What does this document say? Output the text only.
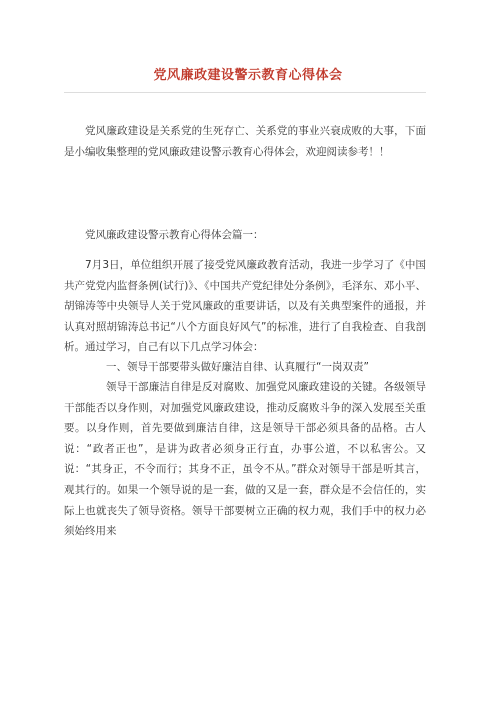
党风廉政建设警示教育心得体会

党风廉政建设是关系党的生死存亡、关系党的事业兴衰成败的大事，下面是小编收集整理的党风廉政建设警示教育心得体会，欢迎阅读参考！！

党风廉政建设警示教育心得体会篇一：

7月3日，单位组织开展了接受党风廉政教育活动，我进一步学习了《中国共产党党内监督条例(试行)》、《中国共产党纪律处分条例》，毛泽东、邓小平、胡锦涛等中央领导人关于党风廉政的重要讲话，以及有关典型案件的通报，并认真对照胡锦涛总书记“八个方面良好风气”的标准，进行了自我检查、自我剖析。通过学习，自己有以下几点学习体会：

一、领导干部要带头做好廉洁自律、认真履行“一岗双责”

领导干部廉洁自律是反对腐败、加强党风廉政建设的关键。各级领导干部能否以身作则，对加强党风廉政建设，推动反腐败斗争的深入发展至关重要。以身作则，首先要做到廉洁自律，这是领导干部必须具备的品格。古人说：“政者正也”，是讲为政者必须身正行直，办事公道，不以私害公。又说：“其身正，不令而行；其身不正，虽令不从。”群众对领导干部是听其言，观其行的。如果一个领导说的是一套，做的又是一套，群众是不会信任的，实际上也就丧失了领导资格。领导干部要树立正确的权力观，我们手中的权力必须始终用来
